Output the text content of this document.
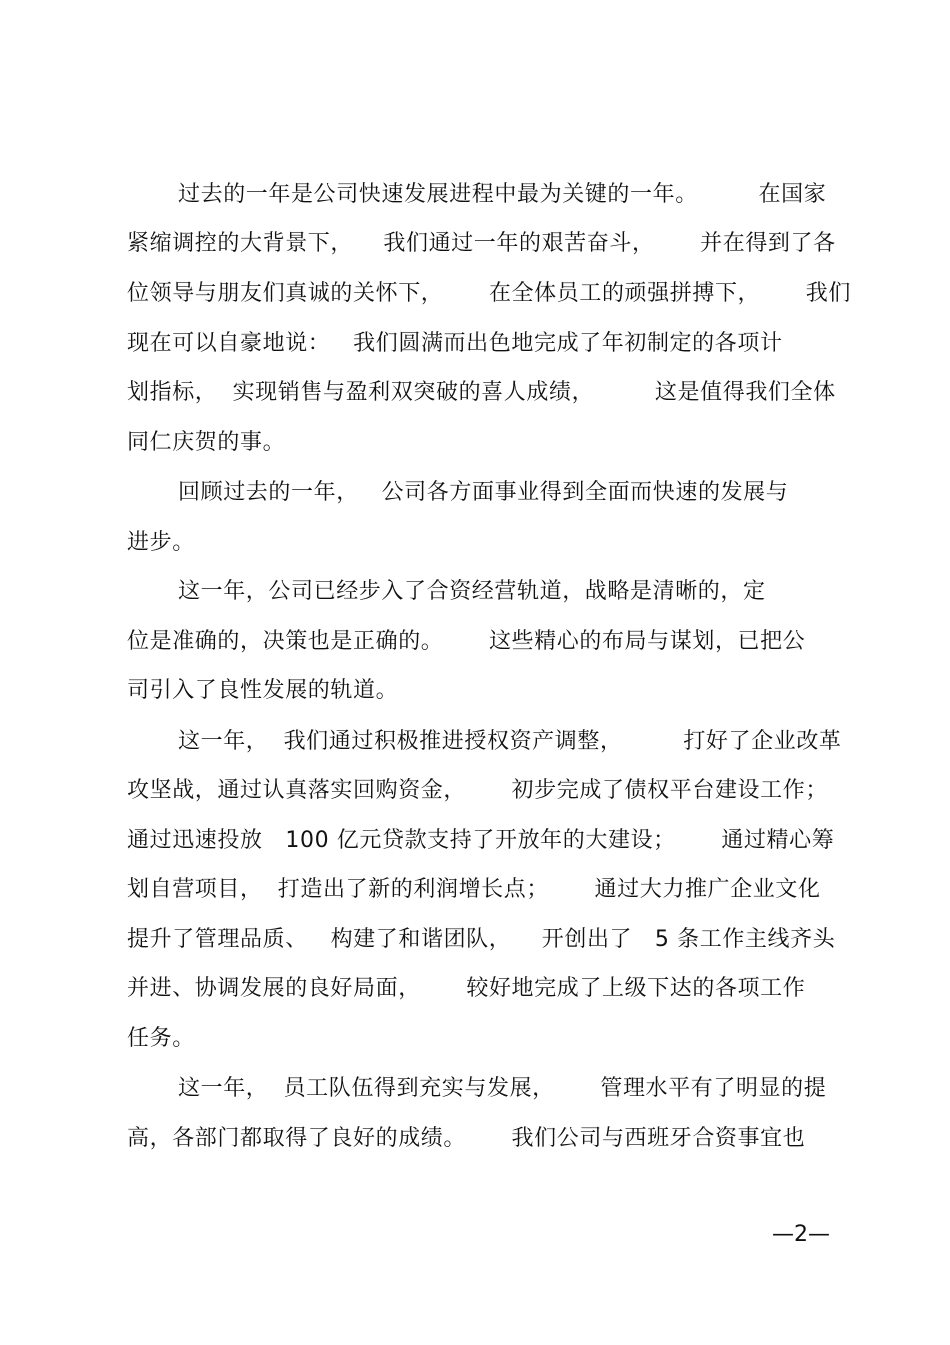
过去的一年是公司快速发展进程中最为关键的一年。        在国家

紧缩调控的大背景下，    我们通过一年的艰苦奋斗，      并在得到了各

位领导与朋友们真诚的关怀下，      在全体员工的顽强拼搏下，      我们

现在可以自豪地说：   我们圆满而出色地完成了年初制定的各项计

划指标，  实现销售与盈利双突破的喜人成绩，        这是值得我们全体

同仁庆贺的事。

回顾过去的一年，   公司各方面事业得到全面而快速的发展与

进步。

这一年，公司已经步入了合资经营轨道，战略是清晰的，定

位是准确的，决策也是正确的。      这些精心的布局与谋划，已把公

司引入了良性发展的轨道。

这一年，  我们通过积极推进授权资产调整，        打好了企业改革

攻坚战，通过认真落实回购资金，      初步完成了债权平台建设工作；

通过迅速投放   100 亿元贷款支持了开放年的大建设；      通过精心筹

划自营项目，  打造出了新的利润增长点；      通过大力推广企业文化

提升了管理品质、   构建了和谐团队，    开创出了   5 条工作主线齐头

并进、协调发展的良好局面，      较好地完成了上级下达的各项工作

任务。

这一年，  员工队伍得到充实与发展，      管理水平有了明显的提

高，各部门都取得了良好的成绩。      我们公司与西班牙合资事宜也

—2—
